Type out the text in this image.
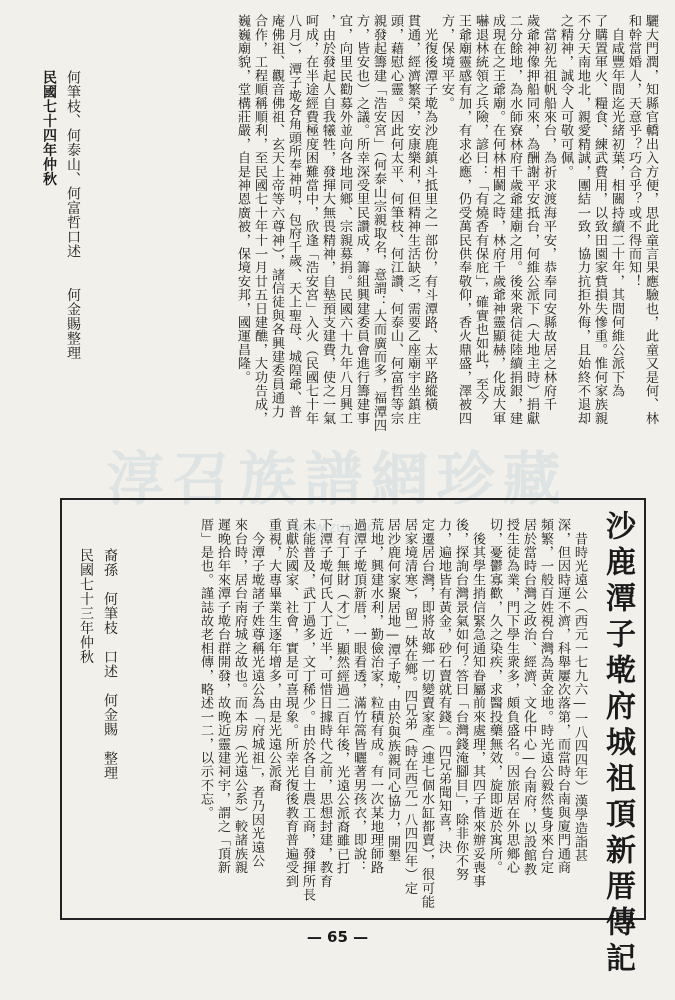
淳召族譜網珍藏
www.zupu.cn
驪大門潤，知縣官轎出入方便，思此童言果應驗也，此童又是何、林
和幹當婚人，天意乎？巧合乎？或不得而知！
　自咸豐年間迄光緒初葉，相關持續二十年，其間何維公派下為
了購置軍火、糧食、練武費用，以致田園家貲損失慘重。惟何家族親
不分天南地北，親愛精誠，團結一致，協力抗拒外侮，且始終不退却
之精神，誠令人可敬可佩。
　當初先祖帆船來台，為祈求渡海平安，恭奉同安縣故居之林府千
歲爺神像押船同來，為酬謝平安抵台，何維公派下（大地主時）捐獻
二分餘地，為水師寮林府千歲爺建廟之用。後來衆信徒陸續捐銀，建
成現在之王爺廟。在何林相鬬之時，林府千歲爺神靈顯赫，化成大軍
嚇退林統領之兵險，諺曰：「有燒香有保庇」，確實也如此，至今
王爺廟靈感有加，有求必應，仍受萬民供奉敬仰，香火鼎盛，澤被四
方，保境平安。
　光復後潭子墘為沙鹿鎮斗抵里之一部份，有斗潭路、太平路縱橫
貫通，經濟繁榮，安康樂利，但精神生活缺乏，需要乙座廟宇坐鎮庄
頭，藉慰心靈。因此何太平、何筆枝、何江讚、何泰山、何富哲等宗
親發起籌建「浩安宮」（何泰山宗親取名，意謂：大而廣而多，福潭四
方，皆安也）之議。所幸深受里民讚成，籌組興建委員會進行籌建事
宜，向里民勸募外並向各地同鄉、宗親募捐。民國六十九年八月興工
，由於發起人自我犧牲，發揮大無畏精神，自墊預支建費，使之一氣
呵成，在半途經費極度困難當中，欣逢「浩安宮」入火（民國七十年
八月），潭子墘各角頭所奉神明，包府千歲、天上聖母、城隍爺、普
庵佛祖、觀音佛祖、玄天上帝等六尊神），諸信徒與各興建委員通力
合作，工程順稱順利，至民國七十年十一月廿五日建醮，大功告成，
巍巍廟貌，堂構莊嚴，自是神恩廣被，保境安邦，國運昌隆。
何筆枝、何泰山、何富哲口述　　何金賜整理
民國七十四年仲秋
沙鹿潭子墘府城祖頂新厝傳記
　昔時光遠公（西元一七九六—一八四四年）漢學造詣甚
深，但因時運不濟，科舉屢次落第，而當時台南與廈門通商
頻繁，一般百姓視台灣為黃金地。時光遠公毅然隻身來台定
居於當時台灣之政治、經濟、文化中心—台南府，以設館教
授生徒為業，門下學生衆多，頗負盛名。因旅居在外思鄉心
切，憂鬱寡歡，久之染疾，求醫投藥無效，旋即逝於寓所。
　後其學生捎信緊急通知眷屬前來處理，其四子偕來辦妥喪事
後，探詢台灣景氣如何？答曰「台灣錢淹腳目」，除非你不努
力，遍地皆有黃金，砂石賣就有錢」。四兄弟聞知喜，決
定遷居台灣，即將故鄉一切變賣家產（連七個水缸都賣），很可能
居家境清寒），留一妹在鄉。四兄弟（時在西元一八四四年）定
居沙鹿何家聚居地—潭子墘，由於與族親同心協力，開墾
荒地，興建水利，勤儉治家，粒積有成。有一次某地理師路
過潭子墘頂新厝，一眼看透，滿竹篙皆曬著男孩衣，即說：
「有丁無財（才）」，顯然經過二百年後，光遠公派裔雖已打
下潭子墘何氏人丁近半，可惜日據時代之前，思想封建，教育
未能普及，武丁過多，文丁稀少。由於各自士農工商，發揮所長
貢獻於國家、社會，實是可喜現象。所幸光復後教育普遍受到
重視，大專畢業生逐年增多，由是光遠公派裔
　今潭子墘諸子姓尊稱光遠公為「府城祖」，者乃因光遠公
來台時，居台南府城之故也。而本房（光遠公系）較諸族親
遲晚拾年來潭子墘台群開發，故晚近靈建祠宇，謂之「頂新
厝」是也。謹誌故老相傳，略述一二，以示不忘。
裔孫　何筆枝　口述　何金賜　整理
民國七十三年仲秋
— 65 —
